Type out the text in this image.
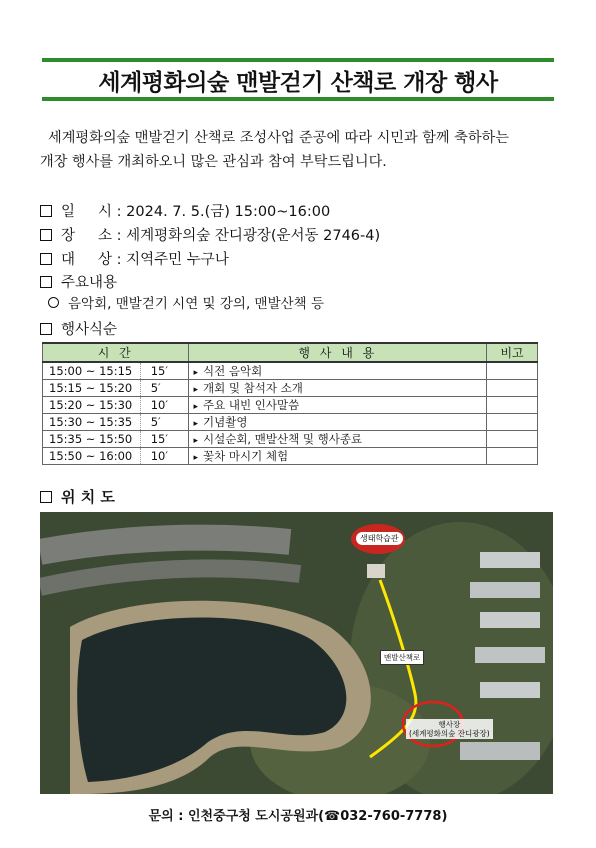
세계평화의숲 맨발걷기 산책로 개장 행사
세계평화의숲 맨발걷기 산책로 조성사업 준공에 따라 시민과 함께 축하하는
개장 행사를 개최하오니 많은 관심과 참여 부탁드립니다.
일     시 : 2024. 7. 5.(금) 15:00~16:00
장     소 : 세계평화의숲 잔디광장(운서동 2746-4)
대     상 : 지역주민 누구나
주요내용
음악회, 맨발걷기 시연 및 강의, 맨발산책 등
행사식순
시 간		행 사 내 용	비고
15:00 ~ 15:15	15′	▸ 식전 음악회	
15:15 ~ 15:20	5′	▸ 개회 및 참석자 소개	
15:20 ~ 15:30	10′	▸ 주요 내빈 인사말씀	
15:30 ~ 15:35	5′	▸ 기념촬영	
15:35 ~ 15:50	15′	▸ 시설순회, 맨발산책 및 행사종료	
15:50 ~ 16:00	10′	▸ 꽃차 마시기 체험	
위 치 도
생태학습관
맨발산책로
행사장
(세계평화의숲 잔디광장)
문의 : 인천중구청 도시공원과(☎032-760-7778)
